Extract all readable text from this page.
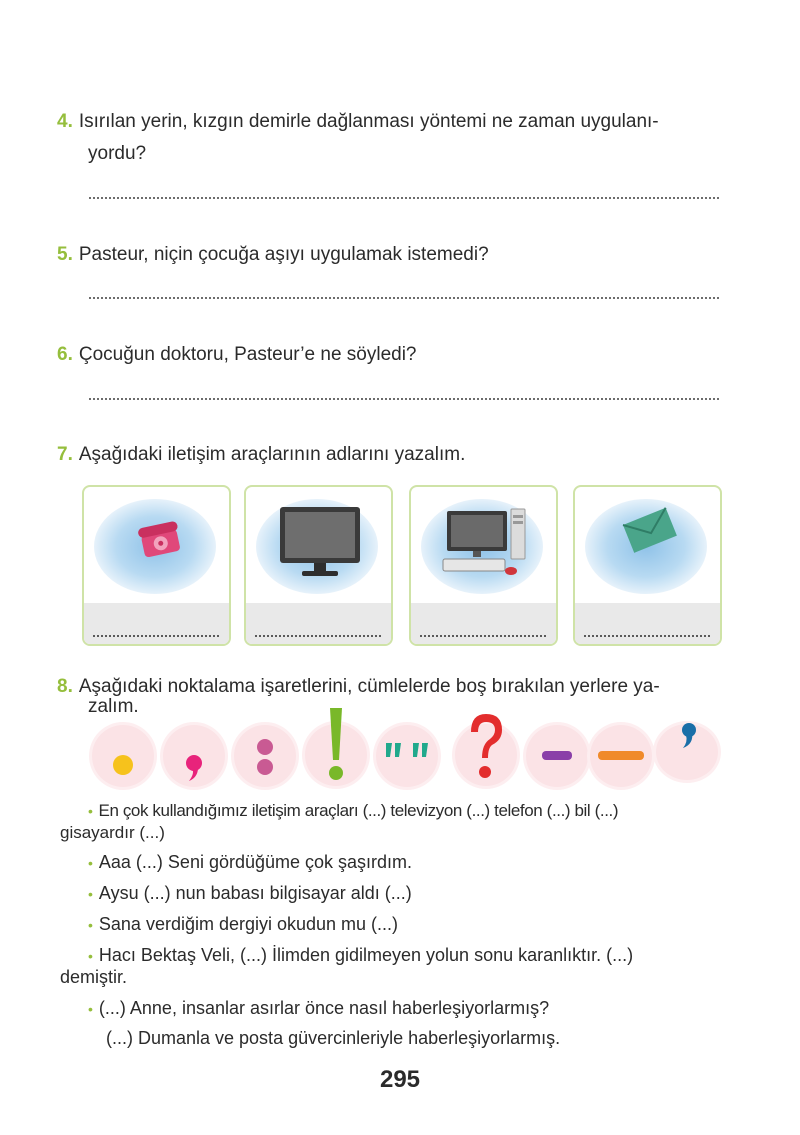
4. Isırılan yerin, kızgın demirle dağlanması yöntemi ne zaman uygulanı-
yordu?
5. Pasteur, niçin çocuğa aşıyı uygulamak istemedi?
6. Çocuğun doktoru, Pasteur’e ne söyledi?
7. Aşağıdaki iletişim araçlarının adlarını yazalım.
8. Aşağıdaki noktalama işaretlerini, cümlelerde boş bırakılan yerlere ya-
zalım.
• En çok kullandığımız iletişim araçları (...) televizyon (...) telefon (...) bil (...)
gisayardır (...)
• Aaa (...) Seni gördüğüme çok şaşırdım.
• Aysu (...) nun babası bilgisayar aldı (...)
• Sana verdiğim dergiyi okudun mu (...)
• Hacı Bektaş Veli, (...) İlimden gidilmeyen yolun sonu karanlıktır. (...)
demiştir.
• (...) Anne, insanlar asırlar önce nasıl haberleşiyorlarmış?
(...) Dumanla ve posta güvercinleriyle haberleşiyorlarmış.
295
